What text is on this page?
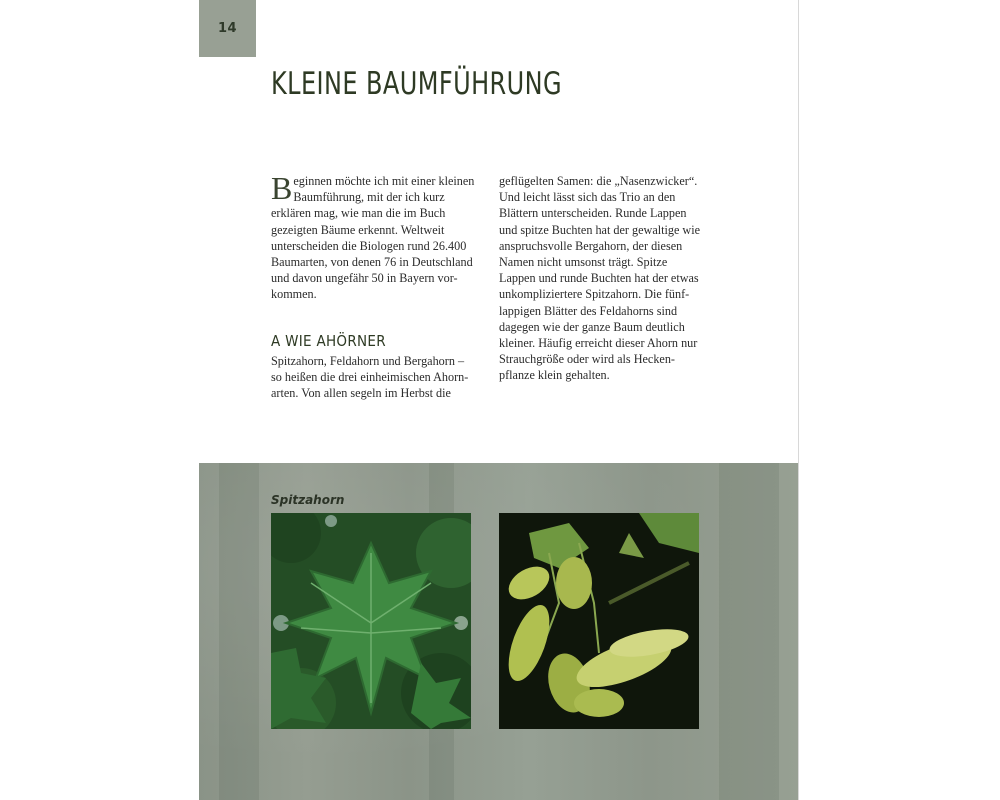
14
KLEINE BAUMFÜHRUNG

Beginnen möchte ich mit einer kleinen Baumführung, mit der ich kurz erklären mag, wie man die im Buch gezeigten Bäume erkennt. Weltweit unterscheiden die Biologen rund 26.400 Baumarten, von denen 76 in Deutschland und davon ungefähr 50 in Bayern vor-kommen.

A WIE AHÖRNER

Spitzahorn, Feldahorn und Bergahorn – so heißen die drei einheimischen Ahorn-arten. Von allen segeln im Herbst die

geflügelten Samen: die „Nasenzwicker“. Und leicht lässt sich das Trio an den Blättern unterscheiden. Runde Lappen und spitze Buchten hat der gewaltige wie anspruchsvolle Bergahorn, der diesen Namen nicht umsonst trägt. Spitze Lappen und runde Buchten hat der etwas unkompliziertere Spitzahorn. Die fünf-lappigen Blätter des Feldahorns sind dagegen wie der ganze Baum deutlich kleiner. Häufig erreicht dieser Ahorn nur Strauchgröße oder wird als Hecken-pflanze klein gehalten.

Spitzahorn
